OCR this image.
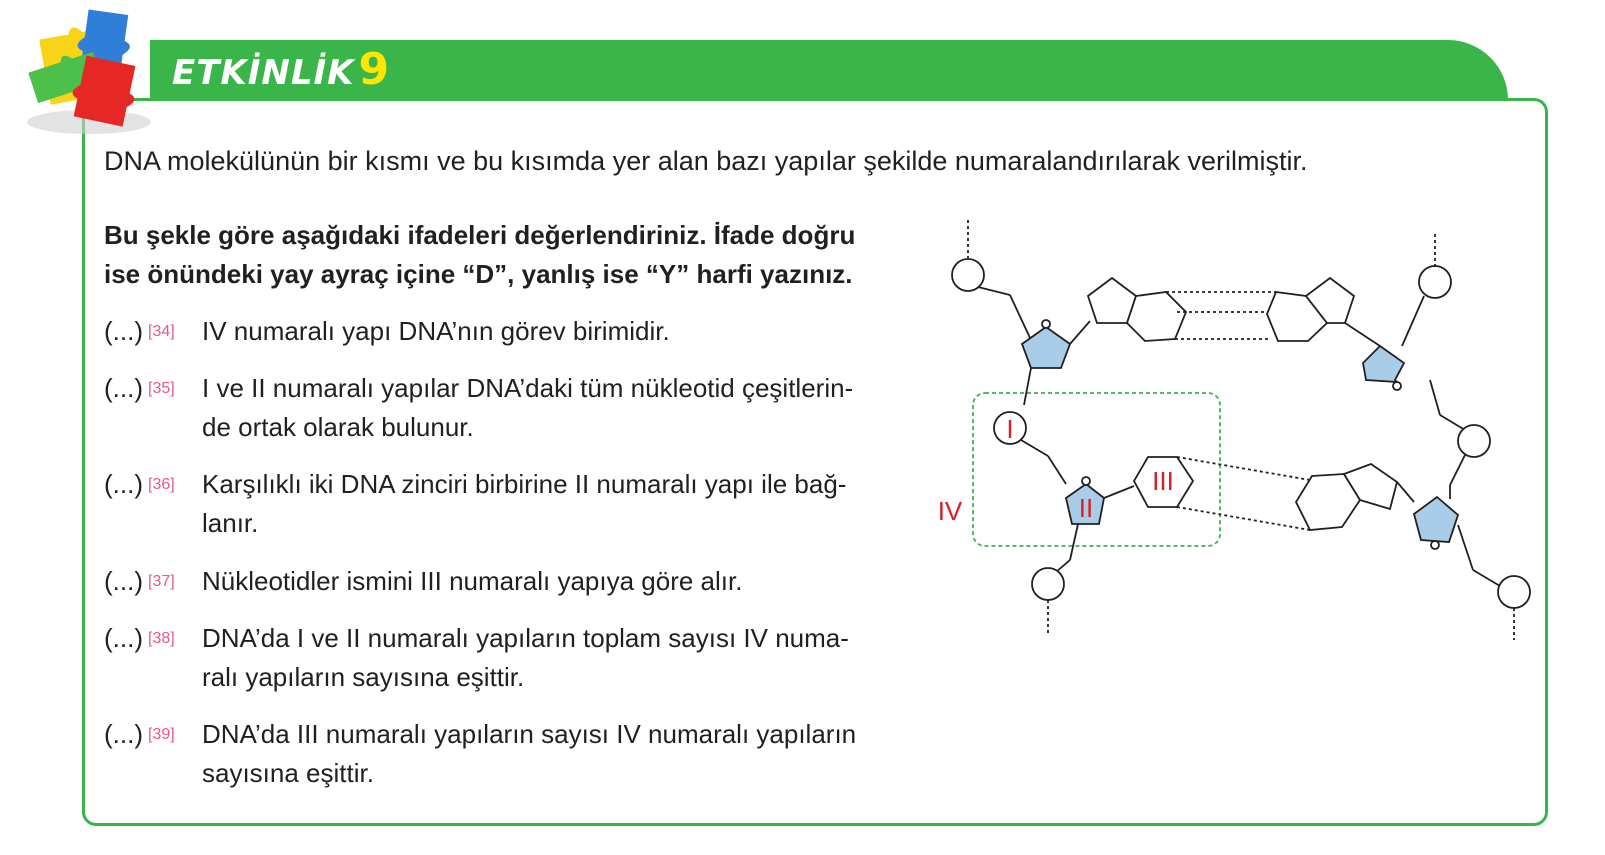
ETKİNLİK 9
DNA molekülünün bir kısmı ve bu kısımda yer alan bazı yapılar şekilde numaralandırılarak verilmiştir.
Bu şekle göre aşağıdaki ifadeleri değerlendiriniz. İfade doğru
ise önündeki yay ayraç içine “D”, yanlış ise “Y” harfi yazınız.
(...) [34] IV numaralı yapı DNA’nın görev birimidir.
(...) [35] I ve II numaralı yapılar DNA’daki tüm nükleotid çeşitlerin-
de ortak olarak bulunur.
(...) [36] Karşılıklı iki DNA zinciri birbirine II numaralı yapı ile bağ-
lanır.
(...) [37] Nükleotidler ismini III numaralı yapıya göre alır.
(...) [38] DNA’da I ve II numaralı yapıların toplam sayısı IV numa-
ralı yapıların sayısına eşittir.
(...) [39] DNA’da III numaralı yapıların sayısı IV numaralı yapıların
sayısına eşittir.
I
II
III
IV
